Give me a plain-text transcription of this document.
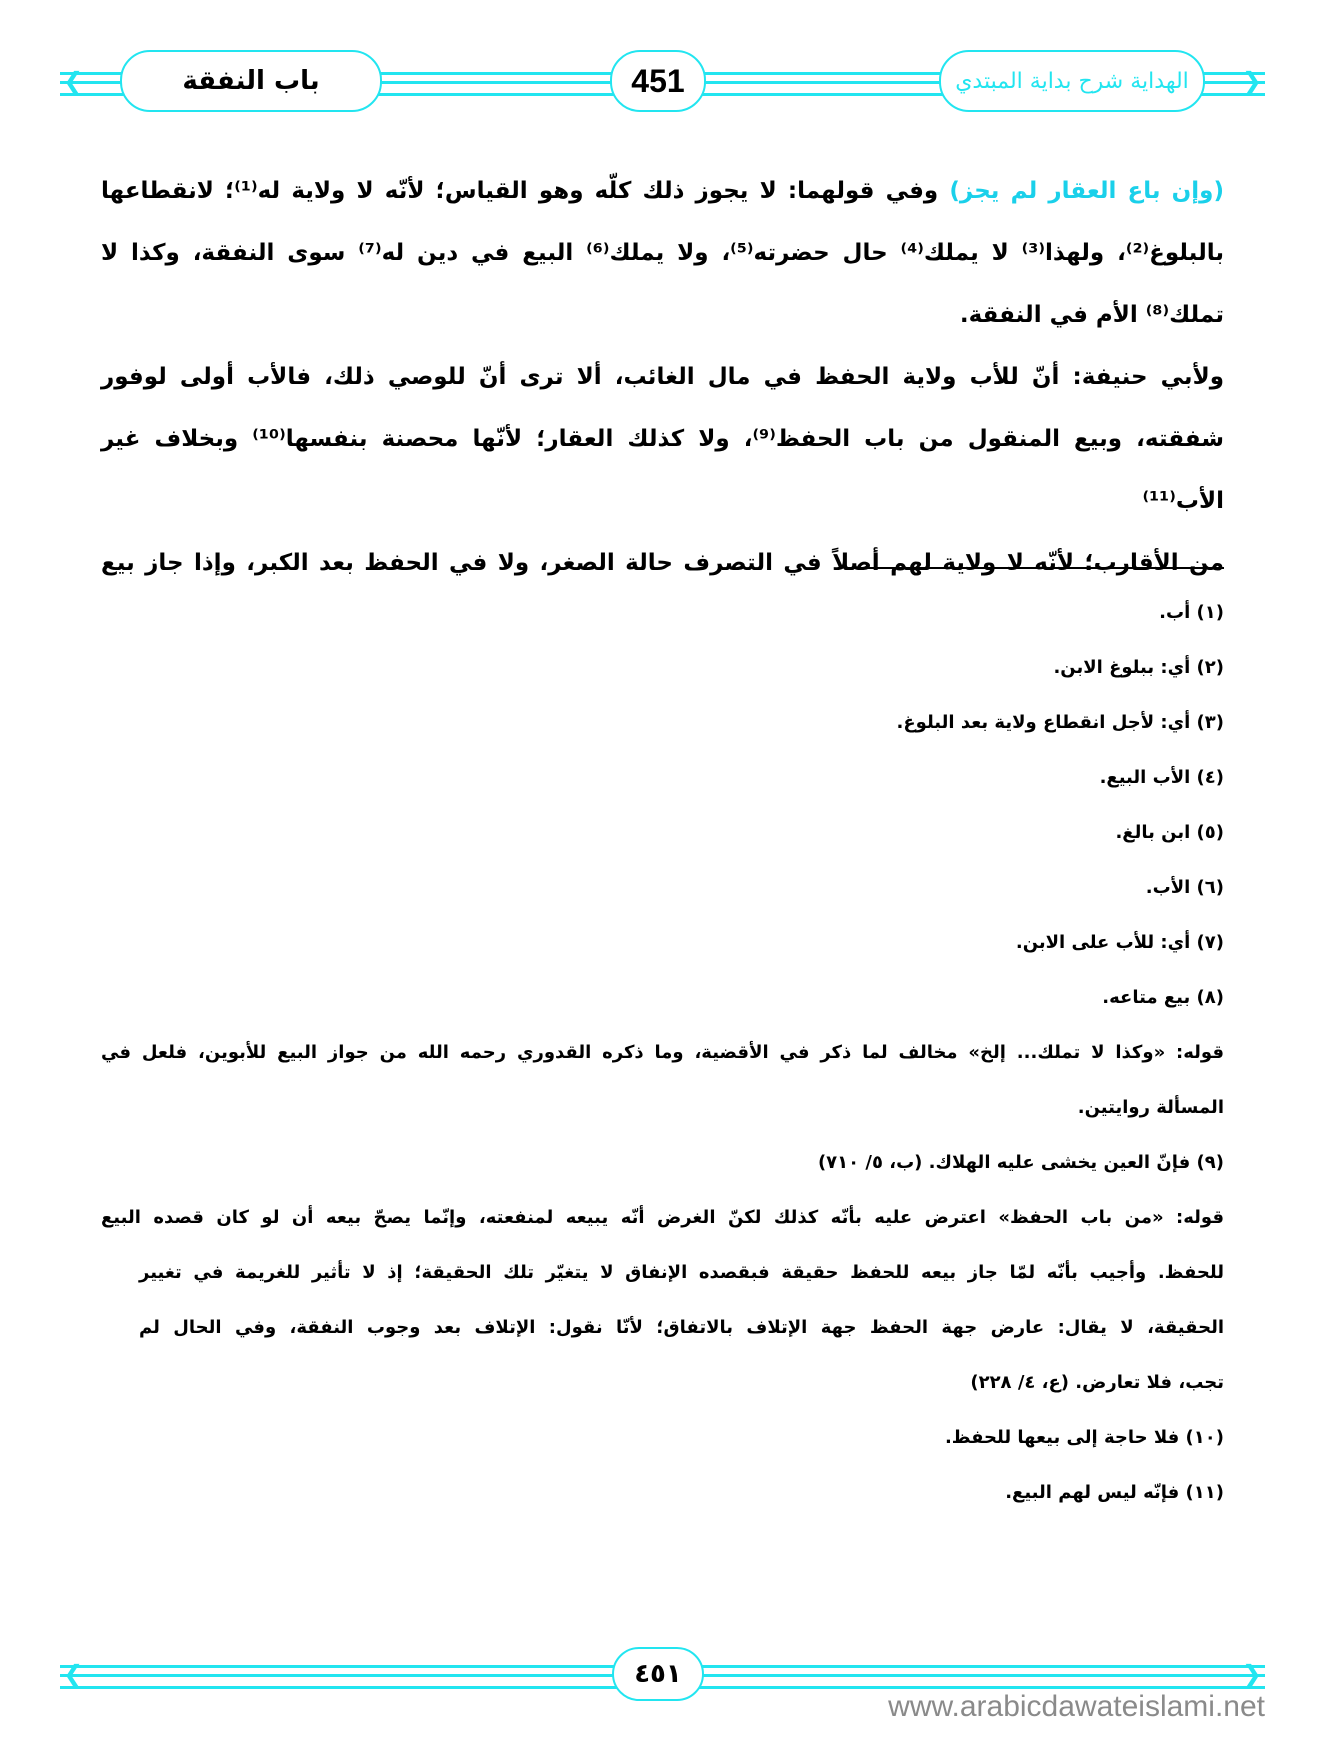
❮	❯
باب النفقة	451	الهداية شرح بداية المبتدي
(وإن باع العقار لم يجز) وفي قولهما: لا يجوز ذلك كلّه وهو القياس؛ لأنّه لا ولاية له⁽¹⁾؛ لانقطاعها
بالبلوغ⁽²⁾، ولهذا⁽³⁾ لا يملك⁽⁴⁾ حال حضرته⁽⁵⁾، ولا يملك⁽⁶⁾ البيع في دين له⁽⁷⁾ سوى النفقة، وكذا لا
تملك⁽⁸⁾ الأم في النفقة.
ولأبي حنيفة: أنّ للأب ولاية الحفظ في مال الغائب، ألا ترى أنّ للوصي ذلك، فالأب أولى لوفور
شفقته، وبيع المنقول من باب الحفظ⁽⁹⁾، ولا كذلك العقار؛ لأنّها محصنة بنفسها⁽¹⁰⁾ وبخلاف غير الأب⁽¹¹⁾
من الأقارب؛ لأنّه لا ولاية لهم أصلاً في التصرف حالة الصغر، ولا في الحفظ بعد الكبر، وإذا جاز بيع
(١) أب.
(٢) أي: ببلوغ الابن.
(٣) أي: لأجل انقطاع ولاية بعد البلوغ.
(٤) الأب البيع.
(٥) ابن بالغ.
(٦) الأب.
(٧) أي: للأب على الابن.
(٨) بيع متاعه.
قوله: «وكذا لا تملك... إلخ» مخالف لما ذكر في الأقضية، وما ذكره القدوري رحمه الله من جواز البيع للأبوين، فلعل في
المسألة روايتين.
(٩) فإنّ العين يخشى عليه الهلاك. (ب، ٥/ ٧١٠)
قوله: «من باب الحفظ» اعترض عليه بأنّه كذلك لكنّ الغرض أنّه يبيعه لمنفعته، وإنّما يصحّ بيعه أن لو كان قصده البيع
للحفظ. وأجيب بأنّه لمّا جاز بيعه للحفظ حقيقة فبقصده الإنفاق لا يتغيّر تلك الحقيقة؛ إذ لا تأثير للغريمة في تغيير
الحقيقة، لا يقال: عارض جهة الحفظ جهة الإتلاف بالاتفاق؛ لأنّا نقول: الإتلاف بعد وجوب النفقة، وفي الحال لم
تجب، فلا تعارض. (ع، ٤/ ٢٢٨)
(١٠) فلا حاجة إلى بيعها للحفظ.
(١١) فإنّه ليس لهم البيع.
❮	❯
٤٥١
www.arabicdawateislami.net
